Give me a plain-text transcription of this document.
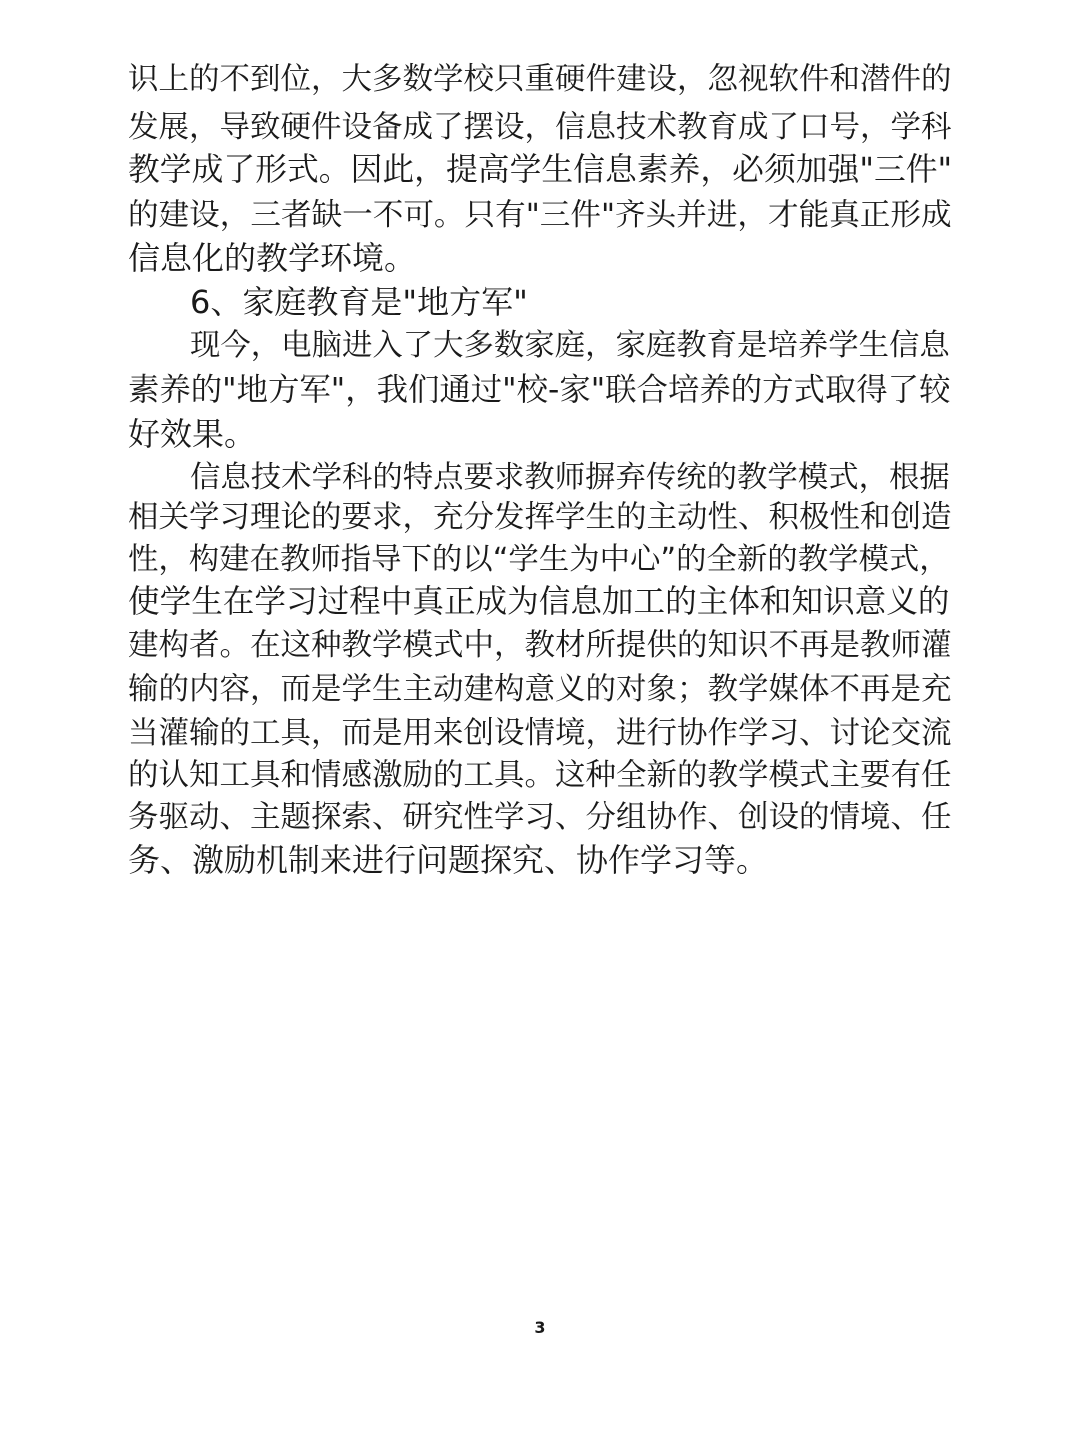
识上的不到位，大多数学校只重硬件建设，忽视软件和潜件的
发展，导致硬件设备成了摆设，信息技术教育成了口号，学科
教学成了形式。因此，提高学生信息素养，必须加强"三件"
的建设，三者缺一不可。只有"三件"齐头并进，才能真正形成
信息化的教学环境。
6、家庭教育是"地方军"
现今，电脑进入了大多数家庭，家庭教育是培养学生信息
素养的"地方军"，我们通过"校-家"联合培养的方式取得了较
好效果。
信息技术学科的特点要求教师摒弃传统的教学模式，根据
相关学习理论的要求，充分发挥学生的主动性、积极性和创造
性，构建在教师指导下的以“学生为中心”的全新的教学模式，
使学生在学习过程中真正成为信息加工的主体和知识意义的
建构者。在这种教学模式中，教材所提供的知识不再是教师灌
输的内容，而是学生主动建构意义的对象；教学媒体不再是充
当灌输的工具，而是用来创设情境，进行协作学习、讨论交流
的认知工具和情感激励的工具。这种全新的教学模式主要有任
务驱动、主题探索、研究性学习、分组协作、创设的情境、任
务、激励机制来进行问题探究、协作学习等。
3
